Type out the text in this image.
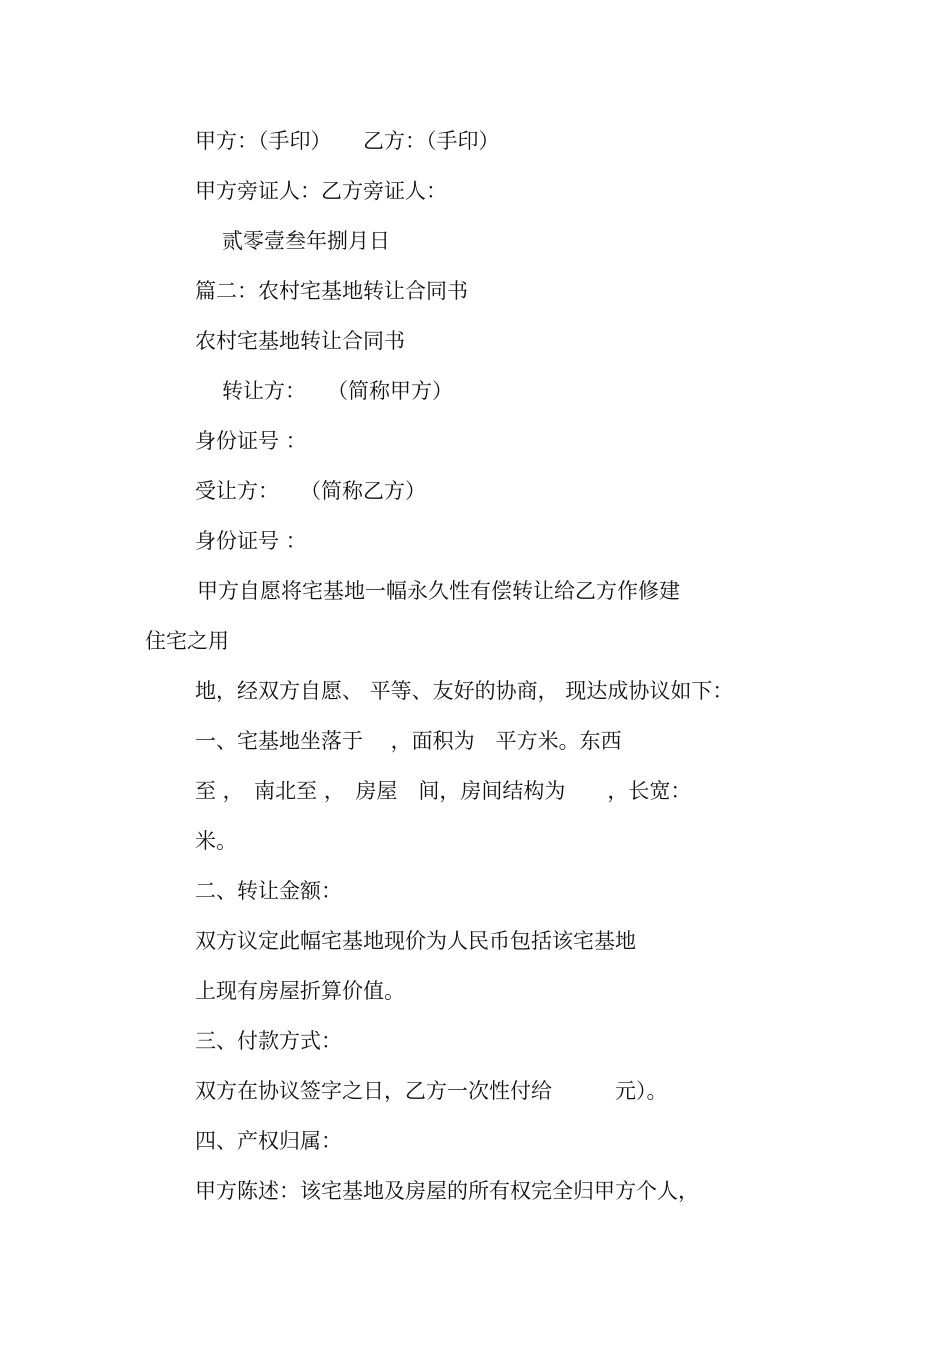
甲方：（手印）　　乙方：（手印）
甲方旁证人：乙方旁证人：
贰零壹叁年捌月日
篇二：农村宅基地转让合同书
农村宅基地转让合同书
转让方：　　（简称甲方）
身份证号 ：
受让方：　　（简称乙方）
身份证号 ：
甲方自愿将宅基地一幅永久性有偿转让给乙方作修建
住宅之用
地，经双方自愿、 平等、友好的协商， 现达成协议如下：
一、宅基地坐落于　 ，面积为　平方米。东西
至 ，　南北至 ，　房屋　间，房间结构为　　，长宽：
米。
二、转让金额：
双方议定此幅宅基地现价为人民币包括该宅基地
上现有房屋折算价值。
三、付款方式：
双方在协议签字之日，乙方一次性付给　　　元）。
四、产权归属：
甲方陈述：该宅基地及房屋的所有权完全归甲方个人，
